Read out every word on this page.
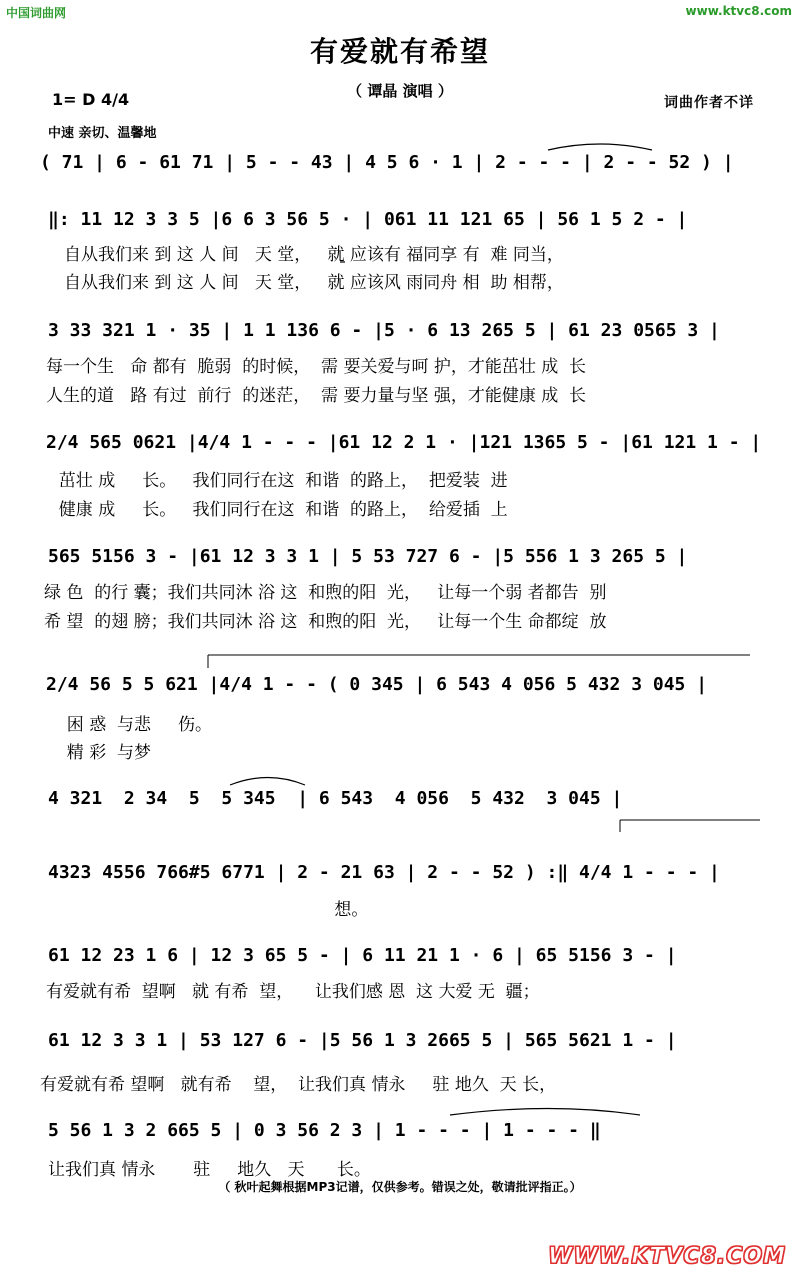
中国词曲网	www.ktvc8.com
有爱就有希望
（ 谭晶 演唱 ）
1= D 4/4	词曲作者不详
中速 亲切、温馨地
( 71 | 6 - 61 71 | 5 - - 43 | 4 5 6 · 1 | 2 - - - | 2 - - 52 ) |
‖: 11 12 3 3 5 |6 6 3 56 5 · | 061 11 121 65 | 56 1 5 2 - |
自从我们来 到 这 人 间   天 堂，   就 应该有 福同享 有  难 同当，
自从我们来 到 这 人 间   天 堂，   就 应该风 雨同舟 相  助 相帮，
3 33 321 1 · 35 | 1 1 136 6 - |5 · 6 13 265 5 | 61 23 0565 3 |
每一个生   命 都有  脆弱  的时候，  需 要关爱与呵 护，才能茁壮 成  长
人生的道   路 有过  前行  的迷茫，  需 要力量与坚 强，才能健康 成  长
2/4 565 0621 |4/4 1 - - - |61 12 2 1 · |121 1365 5 - |61 121 1 - |
茁壮 成     长。   我们同行在这  和谐  的路上，  把爱装  进
健康 成     长。   我们同行在这  和谐  的路上，  给爱插  上
565 5156 3 - |61 12 3 3 1 | 5 53 727 6 - |5 556 1 3 265 5 |
绿 色  的行 囊；我们共同沐 浴 这  和煦的阳  光，   让每一个弱 者都告  别
希 望  的翅 膀；我们共同沐 浴 这  和煦的阳  光，   让每一个生 命都绽  放
2/4 56 5 5 621 |4/4 1 - - ( 0 345 | 6 543 4 056 5 432 3 045 |
困 惑  与悲     伤。
精 彩  与梦
4 321  2 34  5  5 345  | 6 543  4 056  5 432  3 045 |
4323 4556 766#5 6771 | 2 - 21 63 | 2 - - 52 ) :‖ 4/4 1 - - - |
想。
61 12 23 1 6 | 12 3 65 5 - | 6 11 21 1 · 6 | 65 5156 3 - |
有爱就有希  望啊   就 有希  望，    让我们感 恩  这 大爱 无  疆；
61 12 3 3 1 | 53 127 6 - |5 56 1 3 2665 5 | 565 5621 1 - |
有爱就有希 望啊   就有希    望，  让我们真 情永     驻 地久  天 长，
5 56 1 3 2 665 5 | 0 3 56 2 3 | 1 - - - | 1 - - - ‖
让我们真 情永       驻     地久   天      长。
（ 秋叶起舞根据MP3记谱，仅供参考。错误之处，敬请批评指正。）
WWW.KTVC8.COM
